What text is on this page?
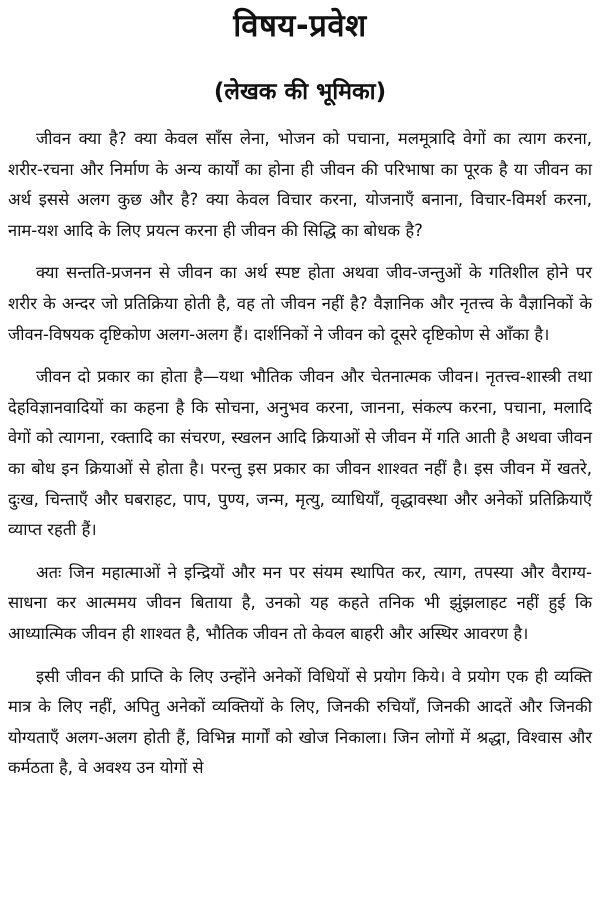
विषय-प्रवेश
(लेखक की भूमिका)

जीवन क्या है? क्या केवल साँस लेना, भोजन को पचाना, मलमूत्रादि वेगों का त्याग करना, शरीर-रचना और निर्माण के अन्य कार्यों का होना ही जीवन की परिभाषा का पूरक है या जीवन का अर्थ इससे अलग कुछ और है? क्या केवल विचार करना, योजनाएँ बनाना, विचार-विमर्श करना, नाम-यश आदि के लिए प्रयत्न करना ही जीवन की सिद्धि का बोधक है?

क्या सन्तति-प्रजनन से जीवन का अर्थ स्पष्ट होता अथवा जीव-जन्तुओं के गतिशील होने पर शरीर के अन्दर जो प्रतिक्रिया होती है, वह तो जीवन नहीं है? वैज्ञानिक और नृतत्त्व के वैज्ञानिकों के जीवन-विषयक दृष्टिकोण अलग-अलग हैं। दार्शनिकों ने जीवन को दूसरे दृष्टिकोण से आँका है।

जीवन दो प्रकार का होता है—यथा भौतिक जीवन और चेतनात्मक जीवन। नृतत्त्व-शास्त्री तथा देहविज्ञानवादियों का कहना है कि सोचना, अनुभव करना, जानना, संकल्प करना, पचाना, मलादि वेगों को त्यागना, रक्तादि का संचरण, स्खलन आदि क्रियाओं से जीवन में गति आती है अथवा जीवन का बोध इन क्रियाओं से होता है। परन्तु इस प्रकार का जीवन शाश्वत नहीं है। इस जीवन में खतरे, दुःख, चिन्ताएँ और घबराहट, पाप, पुण्य, जन्म, मृत्यु, व्याधियाँ, वृद्धावस्था और अनेकों प्रतिक्रियाएँ व्याप्त रहती हैं।

अतः जिन महात्माओं ने इन्द्रियों और मन पर संयम स्थापित कर, त्याग, तपस्या और वैराग्य-साधना कर आत्ममय जीवन बिताया है, उनको यह कहते तनिक भी झुंझलाहट नहीं हुई कि आध्यात्मिक जीवन ही शाश्वत है, भौतिक जीवन तो केवल बाहरी और अस्थिर आवरण है।

इसी जीवन की प्राप्ति के लिए उन्होंने अनेकों विधियों से प्रयोग किये। वे प्रयोग एक ही व्यक्ति मात्र के लिए नहीं, अपितु अनेकों व्यक्तियों के लिए, जिनकी रुचियाँ, जिनकी आदतें और जिनकी योग्यताएँ अलग-अलग होती हैं, विभिन्न मार्गों को खोज निकाला। जिन लोगों में श्रद्धा, विश्वास और कर्मठता है, वे अवश्य उन योगों से
